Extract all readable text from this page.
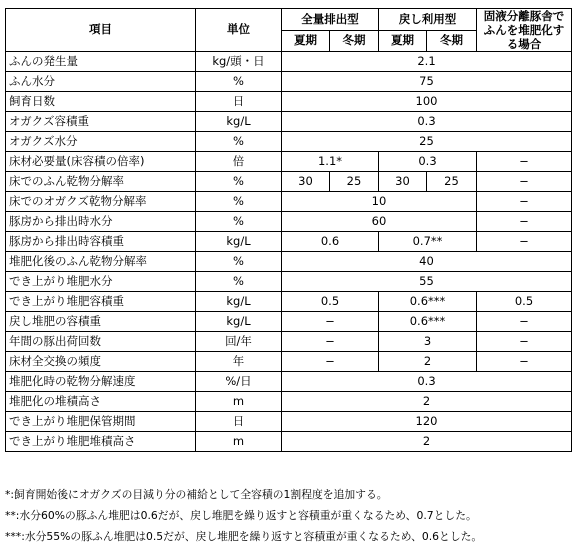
項目	単位	全量排出型		戻し利用型		固液分離豚舎でふんを堆肥化する場合
		夏期	冬期	夏期	冬期	
ふんの発生量	kg/頭・日	2.1				
ふん水分	%	75				
飼育日数	日	100				
オガクズ容積重	kg/L	0.3				
オガクズ水分	%	25				
床材必要量(床容積の倍率)	倍	1.1*		0.3		−
床でのふん乾物分解率	%	30	25	30	25	−
床でのオガクズ乾物分解率	%	10				−
豚房から排出時水分	%	60				−
豚房から排出時容積重	kg/L	0.6		0.7**		−
堆肥化後のふん乾物分解率	%	40				
でき上がり堆肥水分	%	55				
でき上がり堆肥容積重	kg/L	0.5		0.6***		0.5
戻し堆肥の容積重	kg/L	−		0.6***		−
年間の豚出荷回数	回/年	−		3		−
床材全交換の頻度	年	−		2		−
堆肥化時の乾物分解速度	%/日	0.3				
堆肥化の堆積高さ	m	2				
でき上がり堆肥保管期間	日	120				
でき上がり堆肥堆積高さ	m	2				
*:飼育開始後にオガクズの目減り分の補給として全容積の1割程度を追加する。
**:水分60%の豚ふん堆肥は0.6だが、戻し堆肥を繰り返すと容積重が重くなるため、0.7とした。
***:水分55%の豚ふん堆肥は0.5だが、戻し堆肥を繰り返すと容積重が重くなるため、0.6とした。
